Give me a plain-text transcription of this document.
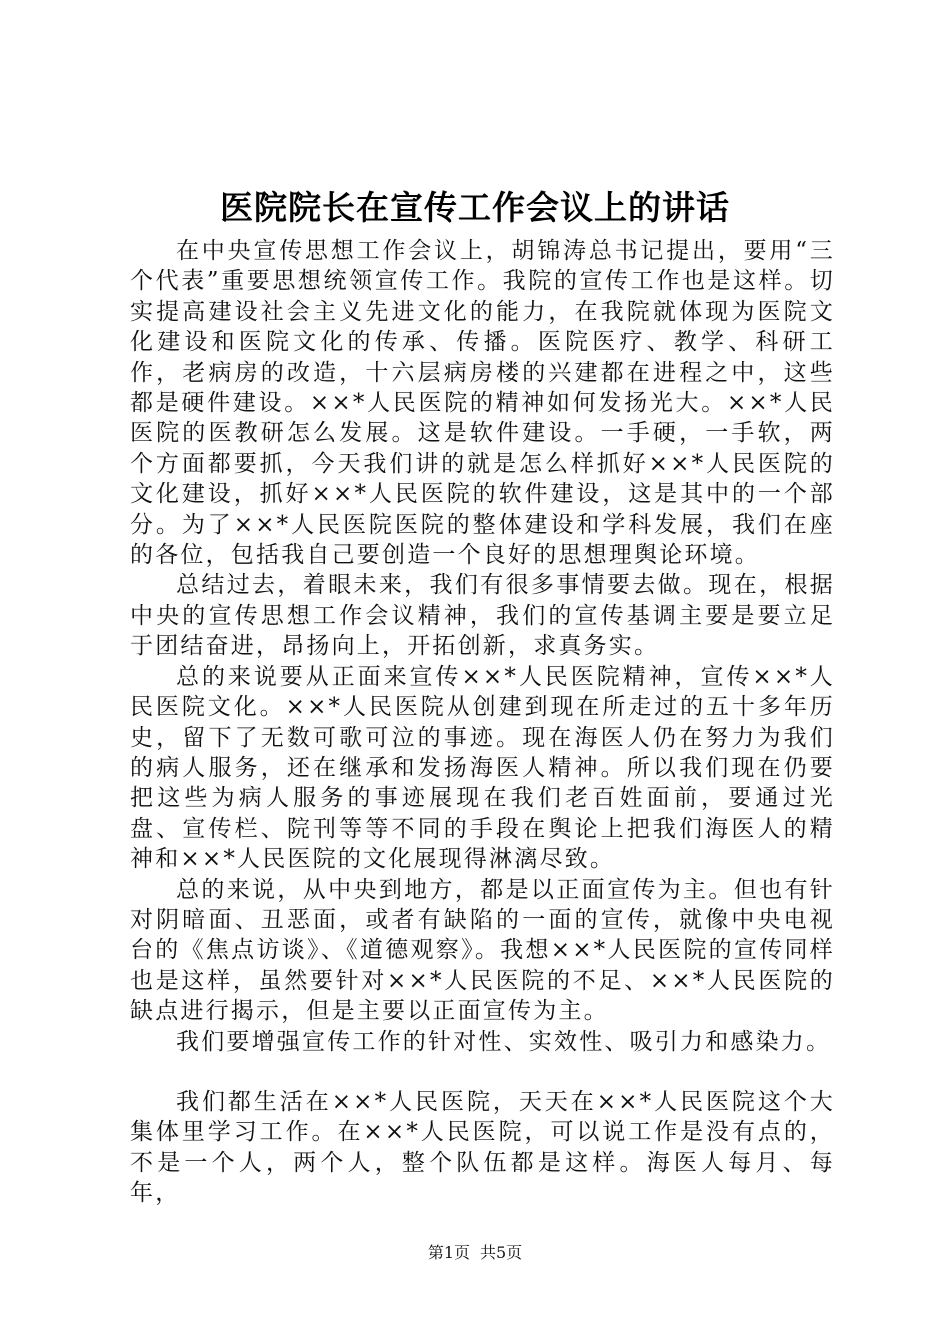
医院院长在宣传工作会议上的讲话

在中央宣传思想工作会议上，胡锦涛总书记提出，要用“三个代表”重要思想统领宣传工作。我院的宣传工作也是这样。切实提高建设社会主义先进文化的能力，在我院就体现为医院文化建设和医院文化的传承、传播。医院医疗、教学、科研工作，老病房的改造，十六层病房楼的兴建都在进程之中，这些都是硬件建设。××*人民医院的精神如何发扬光大。××*人民医院的医教研怎么发展。这是软件建设。一手硬，一手软，两个方面都要抓，今天我们讲的就是怎么样抓好××*人民医院的文化建设，抓好××*人民医院的软件建设，这是其中的一个部分。为了××*人民医院医院的整体建设和学科发展，我们在座的各位，包括我自己要创造一个良好的思想理舆论环境。

总结过去，着眼未来，我们有很多事情要去做。现在，根据中央的宣传思想工作会议精神，我们的宣传基调主要是要立足于团结奋进，昂扬向上，开拓创新，求真务实。

总的来说要从正面来宣传××*人民医院精神，宣传××*人民医院文化。××*人民医院从创建到现在所走过的五十多年历史，留下了无数可歌可泣的事迹。现在海医人仍在努力为我们的病人服务，还在继承和发扬海医人精神。所以我们现在仍要把这些为病人服务的事迹展现在我们老百姓面前，要通过光盘、宣传栏、院刊等等不同的手段在舆论上把我们海医人的精神和××*人民医院的文化展现得淋漓尽致。

总的来说，从中央到地方，都是以正面宣传为主。但也有针对阴暗面、丑恶面，或者有缺陷的一面的宣传，就像中央电视台的《焦点访谈》、《道德观察》。我想××*人民医院的宣传同样也是这样，虽然要针对××*人民医院的不足、××*人民医院的缺点进行揭示，但是主要以正面宣传为主。

我们要增强宣传工作的针对性、实效性、吸引力和感染力。

我们都生活在××*人民医院，天天在××*人民医院这个大集体里学习工作。在××*人民医院，可以说工作是没有点的，不是一个人，两个人，整个队伍都是这样。海医人每月、每年，

第1页 共5页
